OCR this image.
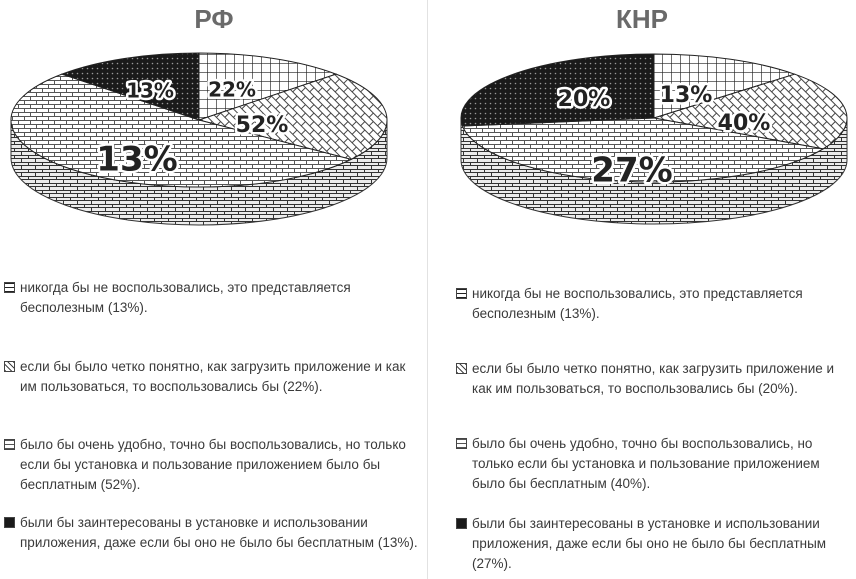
РФ
13% 22%
52%
13%
никогда бы не воспользовались, это представляется бесполезным (13%).
если бы было четко понятно, как загрузить приложение и как им пользоваться, то воспользовались бы (22%).
было бы очень удобно, точно бы воспользовались, но только если бы установка и пользование приложением было бы бесплатным (52%).
были бы заинтересованы в установке и использовании приложения, даже если бы оно не было бы бесплатным (13%).
КНР
13%
20%
40%
27%
никогда бы не воспользовались, это представляется бесполезным (13%).
если бы было четко понятно, как загрузить приложение и как им пользоваться, то воспользовались бы (20%).
было бы очень удобно, точно бы воспользовались, но только если бы установка и пользование приложением было бы бесплатным (40%).
были бы заинтересованы в установке и использовании приложения, даже если бы оно не было бы бесплатным (27%).
